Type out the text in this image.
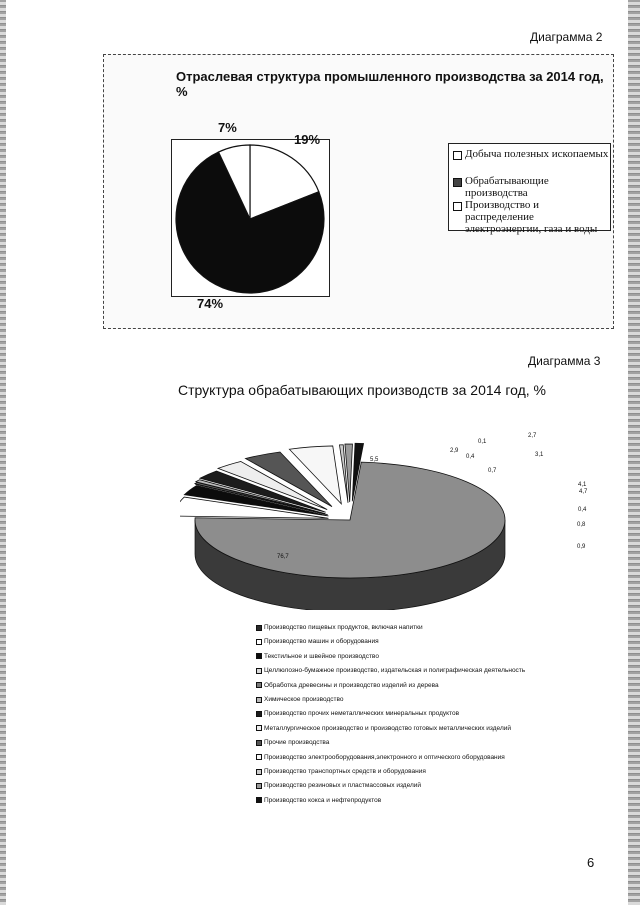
Диаграмма 2
Отраслевая структура промышленного производства за 2014 год, %
7%
19%
74%
Добыча полезных ископаемых
Обрабатывающие производства
Производство и распределение электроэнергии, газа и воды
Диаграмма 3
Структура обрабатывающих производств за 2014 год, %
76,7
5,5
2,9
0,1
0,4
0,7
2,7
3,1
4,1
4,7
0,4
0,8
0,9
Производство пищевых продуктов, включая напитки
Производство машин и оборудования
Текстильное и швейное производство
Целлюлозно-бумажное производство, издательская и полиграфическая деятельность
Обработка древесины и производство изделий из дерева
Химическое производство
Производство прочих неметаллических минеральных продуктов
Металлургическое производство и производство готовых металлических изделий
Прочие производства
Производство электрооборудования,электронного и оптического оборудования
Производство транспортных средств и оборудования
Производство резиновых и пластмассовых изделий
Производство кокса и нефтепродуктов
6
